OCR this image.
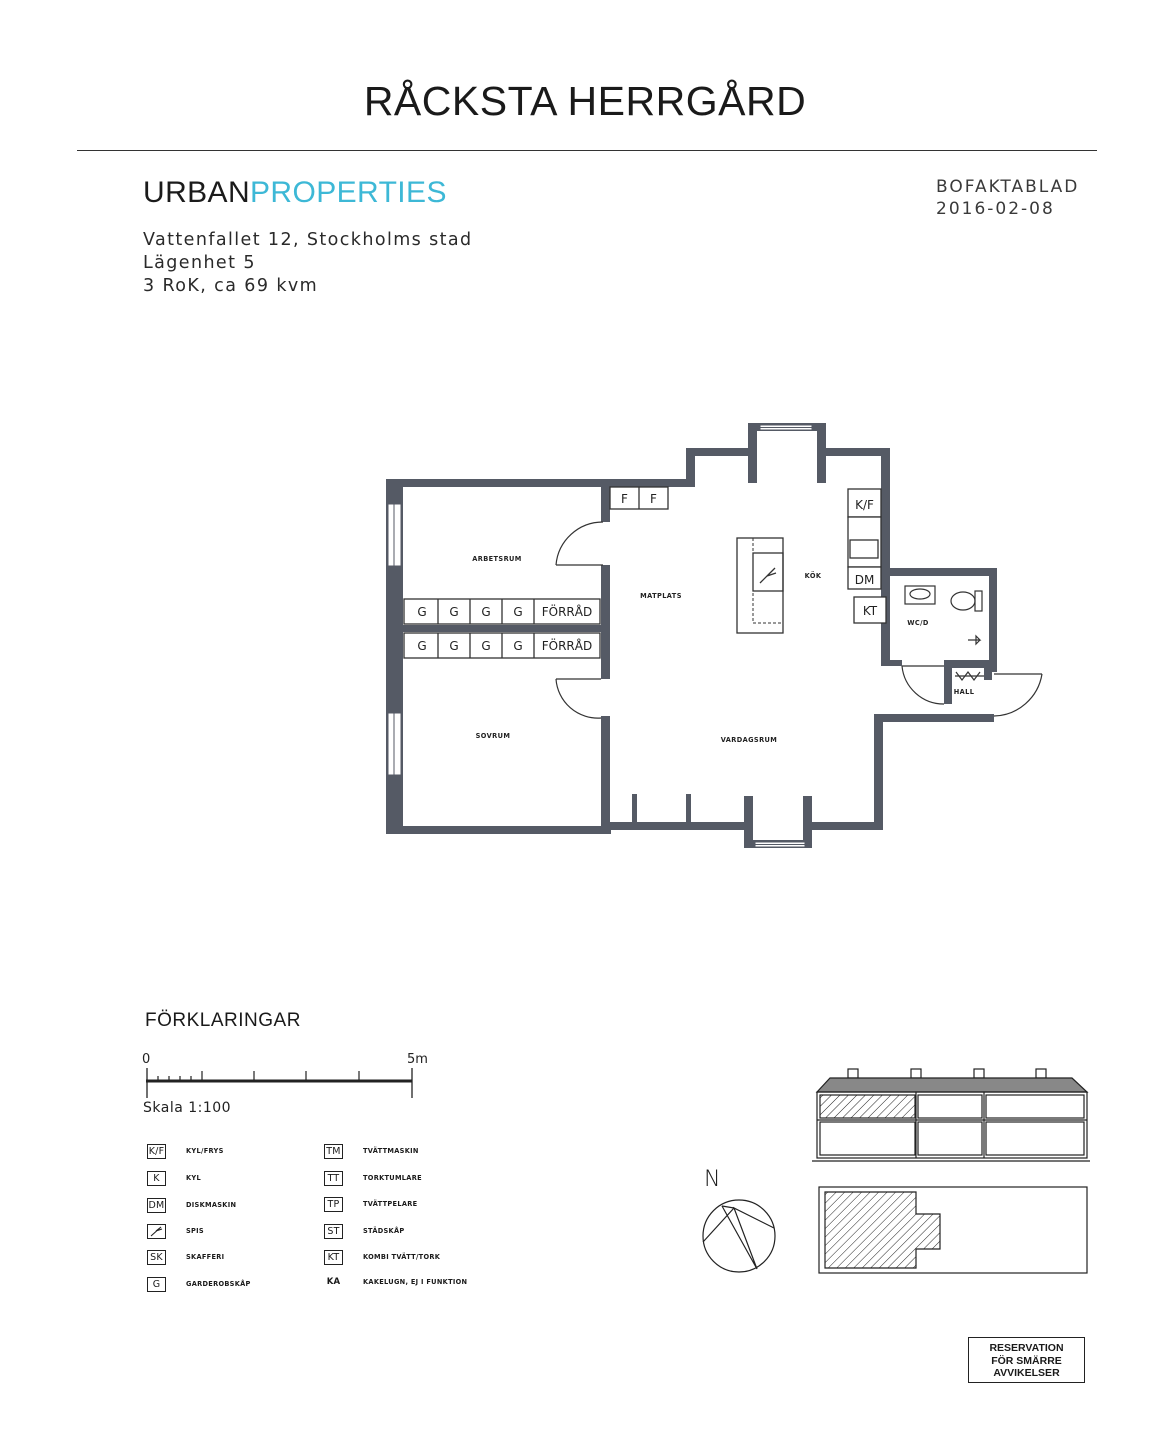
RÅCKSTA HERRGÅRD
URBANPROPERTIES	BOFAKTABLAD
2016-02-08
Vattenfallet 12, Stockholms stad
Lägenhet 5
3 RoK, ca 69 kvm
F F
G G G G FÖRRÅD
G G G G FÖRRÅD
K/F
DM
KT
ARBETSRUM
SOVRUM
MATPLATS
KÖK
VARDAGSRUM
WC/D
HALL
FÖRKLARINGAR
0	5m
Skala 1:100
K/F	KYL/FRYS
K	KYL
DM	DISKMASKIN
SPIS
SK	SKAFFERI
G	GARDEROBSKÅP
TM	TVÄTTMASKIN
TT	TORKTUMLARE
TP	TVÄTTPELARE
ST	STÄDSKÅP
KT	KOMBI TVÄTT/TORK
KA	KAKELUGN, EJ I FUNKTION
N
RESERVATION
FÖR SMÄRRE
AVVIKELSER
